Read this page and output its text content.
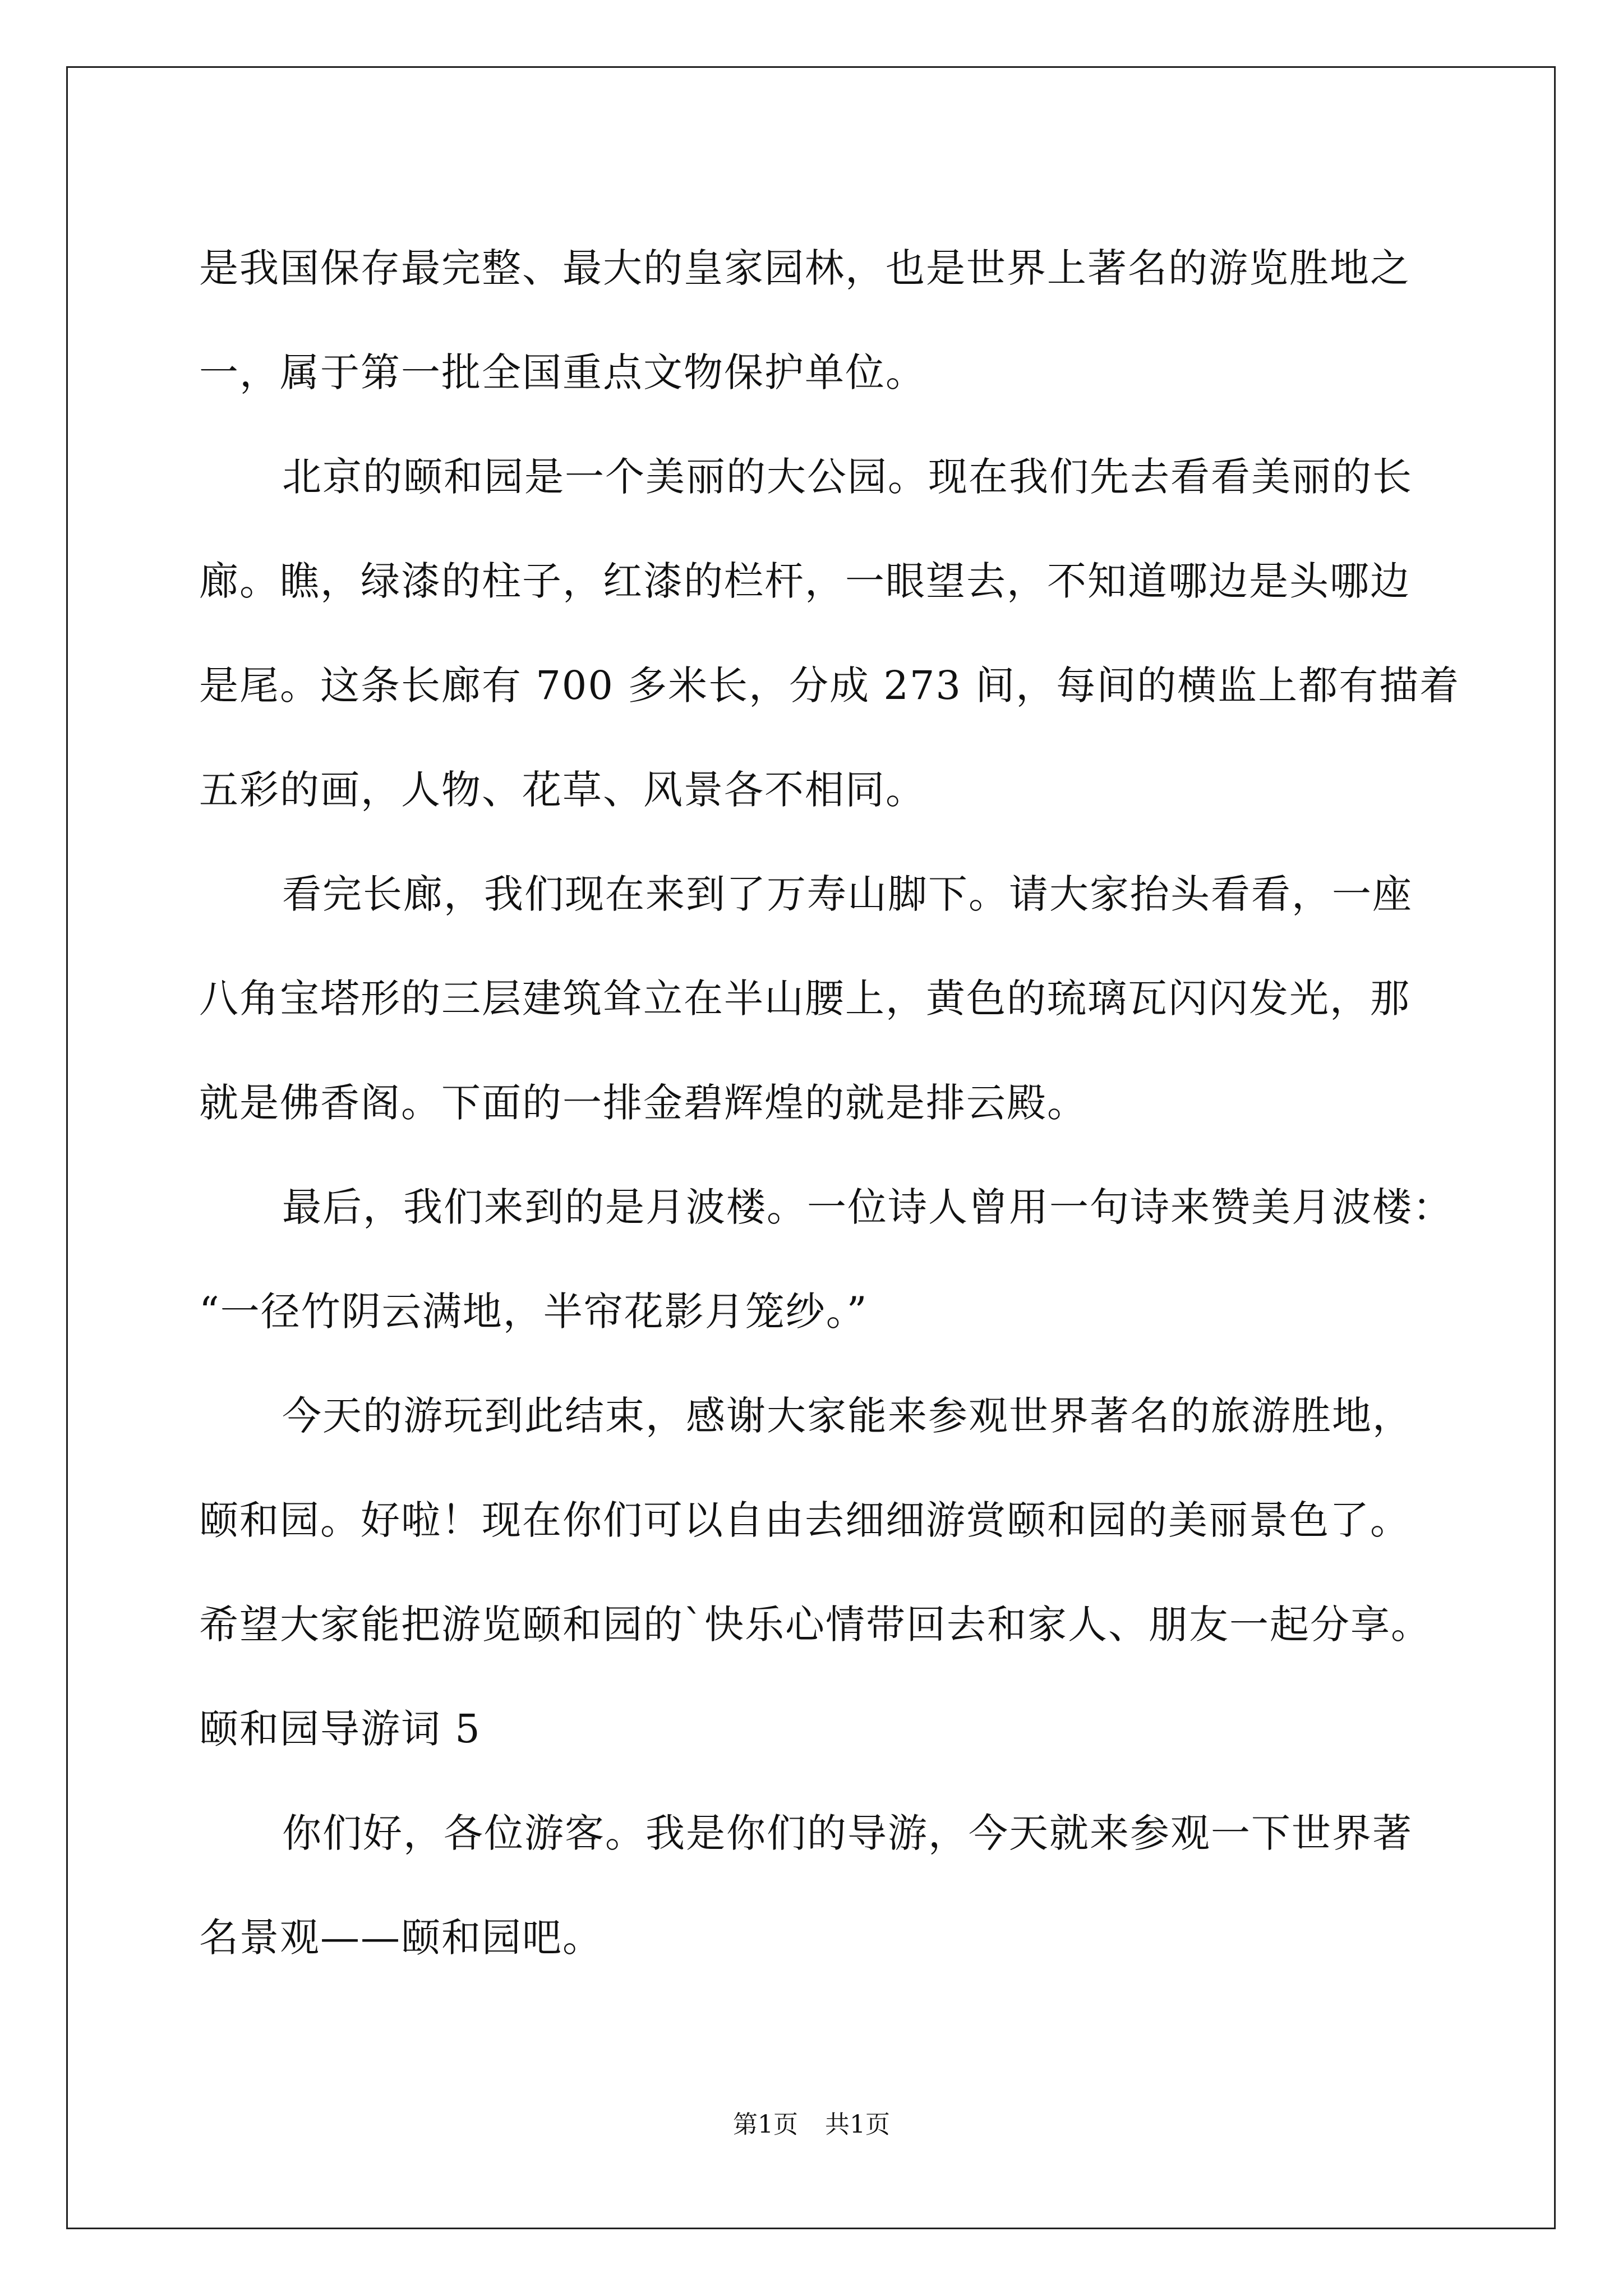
是我国保存最完整、最大的皇家园林，也是世界上著名的游览胜地之
一，属于第一批全国重点文物保护单位。
北京的颐和园是一个美丽的大公园。现在我们先去看看美丽的长
廊。瞧，绿漆的柱子，红漆的栏杆，一眼望去，不知道哪边是头哪边
是尾。这条长廊有 700 多米长，分成 273 间，每间的横监上都有描着
五彩的画，人物、花草、风景各不相同。
看完长廊，我们现在来到了万寿山脚下。请大家抬头看看，一座
八角宝塔形的三层建筑耸立在半山腰上，黄色的琉璃瓦闪闪发光，那
就是佛香阁。下面的一排金碧辉煌的就是排云殿。
最后，我们来到的是月波楼。一位诗人曾用一句诗来赞美月波楼：
“一径竹阴云满地，半帘花影月笼纱。”
今天的游玩到此结束，感谢大家能来参观世界著名的旅游胜地，
颐和园。好啦！现在你们可以自由去细细游赏颐和园的美丽景色了。
希望大家能把游览颐和园的`快乐心情带回去和家人、朋友一起分享。
颐和园导游词 5
你们好，各位游客。我是你们的导游，今天就来参观一下世界著
名景观——颐和园吧。
第1页 共1页
